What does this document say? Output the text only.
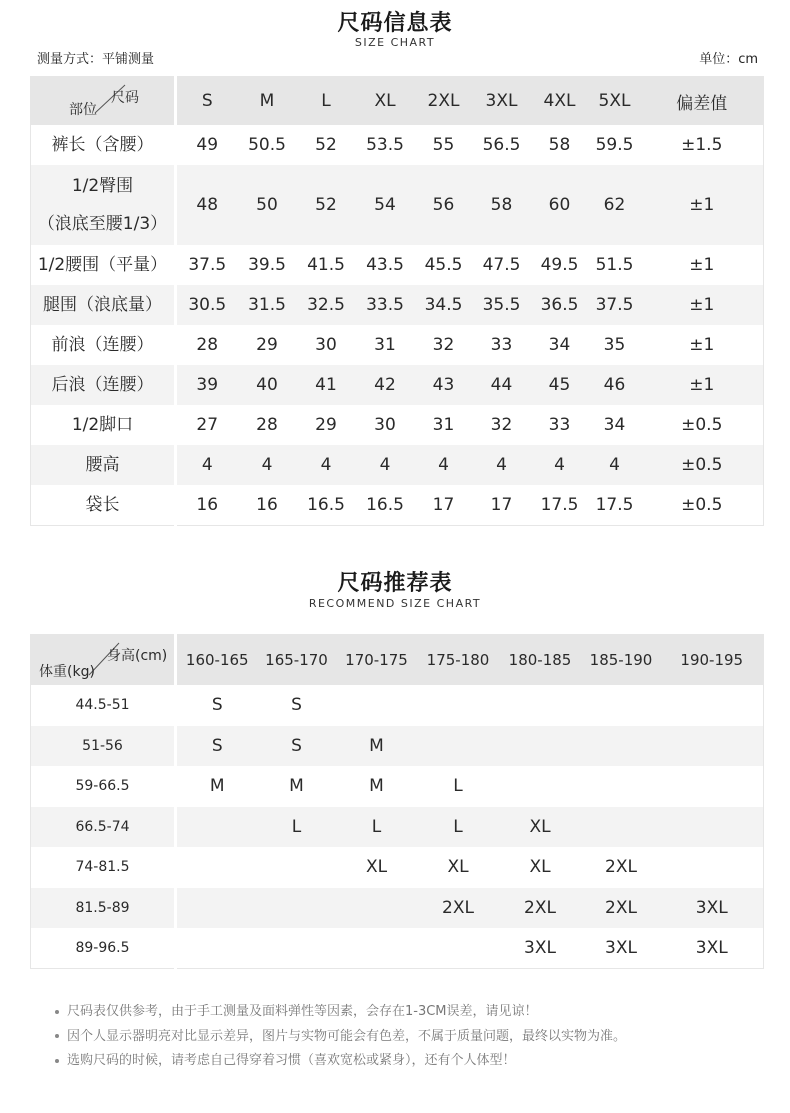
尺码信息表
SIZE CHART
测量方式：平铺测量	单位：cm
尺码
部位	S	M	L	XL	2XL	3XL	4XL	5XL	偏差值

裤长（含腰）	49	50.5	52	53.5	55	56.5	58	59.5	±1.5

1/2臀围
（浪底至腰1/3）	48	50	52	54	56	58	60	62	±1

1/2腰围（平量）	37.5	39.5	41.5	43.5	45.5	47.5	49.5	51.5	±1

腿围（浪底量）	30.5	31.5	32.5	33.5	34.5	35.5	36.5	37.5	±1

前浪（连腰）	28	29	30	31	32	33	34	35	±1

后浪（连腰）	39	40	41	42	43	44	45	46	±1

1/2脚口	27	28	29	30	31	32	33	34	±0.5

腰高	4	4	4	4	4	4	4	4	±0.5

袋长	16	16	16.5	16.5	17	17	17.5	17.5	±0.5
尺码推荐表
RECOMMEND SIZE CHART
身高(cm)
体重(kg)	160-165	165-170	170-175	175-180	180-185	185-190	190-195
44.5-51	S	S					
51-56	S	S	M				
59-66.5	M	M	M	L			
66.5-74		L	L	L	XL		
74-81.5			XL	XL	XL	2XL	
81.5-89				2XL	2XL	2XL	3XL
89-96.5					3XL	3XL	3XL
尺码表仅供参考，由于手工测量及面料弹性等因素，会存在1-3CM误差，请见谅！
因个人显示器明亮对比显示差异，图片与实物可能会有色差，不属于质量问题，最终以实物为准。
选购尺码的时候，请考虑自己得穿着习惯（喜欢宽松或紧身），还有个人体型！
